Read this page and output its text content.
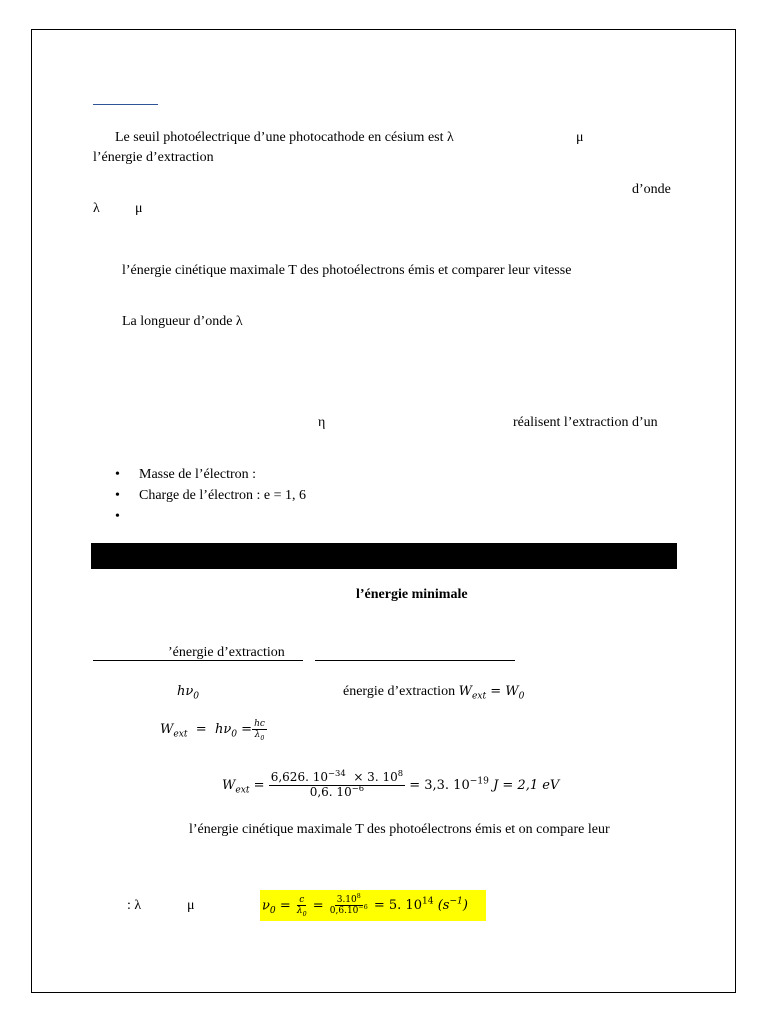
Le seuil photoélectrique d’une photocathode en césium est λ	μ
l’énergie d’extraction
d’onde
λ	μ
l’énergie cinétique maximale T des photoélectrons émis et comparer leur vitesse
La longueur d’onde λ
η	réalisent l’extraction d’un
• Masse de l’électron :
• Charge de l’électron : e = 1, 6
l’énergie minimale
’énergie d’extraction
$h\nu_0$	énergie d’extraction $W_{ext} = W_0$
$W_{ext} = h\nu_0 = \frac{hc}{\lambda_0}$
$W_{ext} = \frac{6,626. 10^{-34} \times 3. 10^8}{0,6. 10^{-6}} = 3,3$. $10^{-19}$ J = 2,1 eV
l’énergie cinétique maximale T des photoélectrons émis et on compare leur
: λ	μ	$\nu_0 = \frac{c}{\lambda_0} = \frac{3.10^8}{0,6.10^{-6}} = 5$. $10^{14}$ $(s^{-1})$
